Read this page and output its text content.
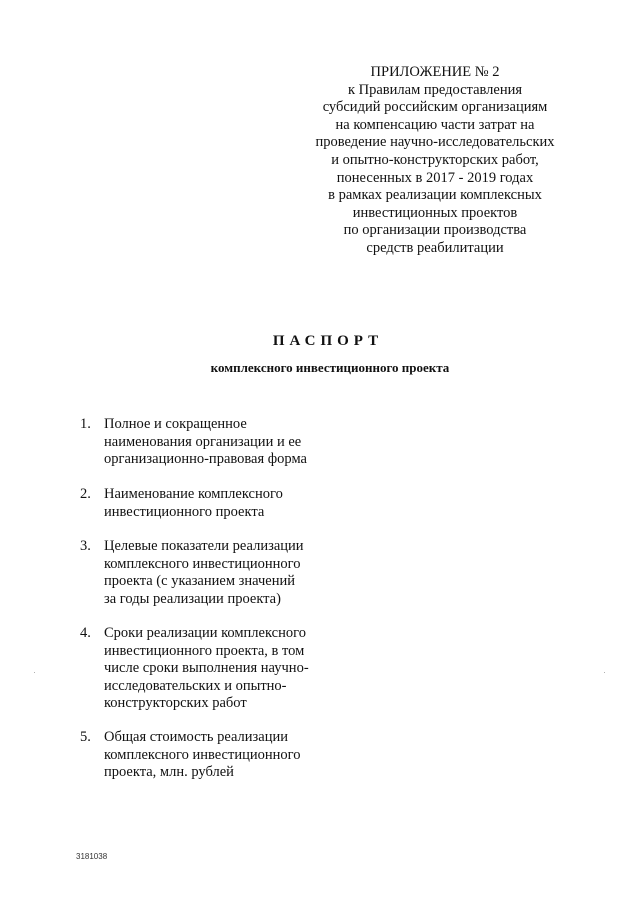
ПРИЛОЖЕНИЕ № 2
к Правилам предоставления
субсидий российским организациям
на компенсацию части затрат на
проведение научно-исследовательских
и опытно-конструкторских работ,
понесенных в 2017 - 2019 годах
в рамках реализации комплексных
инвестиционных проектов
по организации производства
средств реабилитации
ПАСПОРТ
комплексного инвестиционного проекта
1. Полное и сокращенное
наименования организации и ее
организационно-правовая форма
2. Наименование комплексного
инвестиционного проекта
3. Целевые показатели реализации
комплексного инвестиционного
проекта (с указанием значений
за годы реализации проекта)
4. Сроки реализации комплексного
инвестиционного проекта, в том
числе сроки выполнения научно-
исследовательских и опытно-
конструкторских работ
5. Общая стоимость реализации
комплексного инвестиционного
проекта, млн. рублей
3181038
